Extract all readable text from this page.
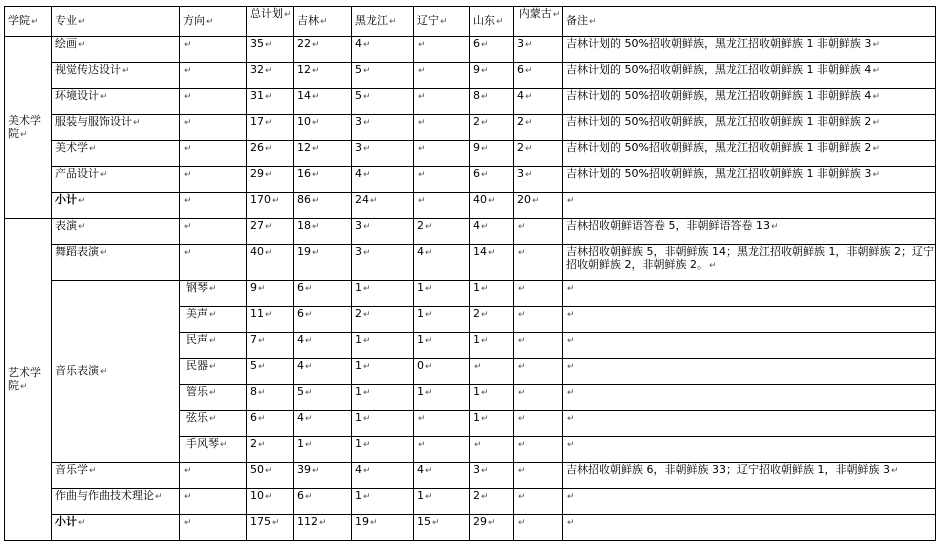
学院↵	专业↵	方向↵	总计划↵	吉林↵	黑龙江↵	辽宁↵	山东↵	内蒙古↵	备注↵
美术学院↵	绘画↵	↵	35↵	22↵	4↵	↵	6↵	3↵	吉林计划的 50%招收朝鲜族，黑龙江招收朝鲜族 1 非朝鲜族 3↵
	视觉传达设计↵	↵	32↵	12↵	5↵	↵	9↵	6↵	吉林计划的 50%招收朝鲜族，黑龙江招收朝鲜族 1 非朝鲜族 4↵
	环境设计↵	↵	31↵	14↵	5↵	↵	8↵	4↵	吉林计划的 50%招收朝鲜族，黑龙江招收朝鲜族 1 非朝鲜族 4↵
	服装与服饰设计↵	↵	17↵	10↵	3↵	↵	2↵	2↵	吉林计划的 50%招收朝鲜族，黑龙江招收朝鲜族 1 非朝鲜族 2↵
	美术学↵	↵	26↵	12↵	3↵	↵	9↵	2↵	吉林计划的 50%招收朝鲜族，黑龙江招收朝鲜族 1 非朝鲜族 2↵
	产品设计↵	↵	29↵	16↵	4↵	↵	6↵	3↵	吉林计划的 50%招收朝鲜族，黑龙江招收朝鲜族 1 非朝鲜族 3↵
	小计↵	↵	170↵	86↵	24↵	↵	40↵	20↵	↵
艺术学院↵	表演↵	↵	27↵	18↵	3↵	2↵	4↵	↵	吉林招收朝鲜语答卷 5，非朝鲜语答卷 13↵
	舞蹈表演↵	↵	40↵	19↵	3↵	4↵	14↵	↵	吉林招收朝鲜族 5，非朝鲜族 14；黑龙江招收朝鲜族 1，非朝鲜族 2；辽宁招收朝鲜族 2，非朝鲜族 2。↵
	音乐表演↵	钢琴↵	9↵	6↵	1↵	1↵	1↵	↵	↵
		美声↵	11↵	6↵	2↵	1↵	2↵	↵	↵
		民声↵	7↵	4↵	1↵	1↵	1↵	↵	↵
		民器↵	5↵	4↵	1↵	0↵	↵	↵	↵
		管乐↵	8↵	5↵	1↵	1↵	1↵	↵	↵
		弦乐↵	6↵	4↵	1↵	↵	1↵	↵	↵
		手风琴↵	2↵	1↵	1↵	↵	↵	↵	↵
	音乐学↵	↵	50↵	39↵	4↵	4↵	3↵	↵	吉林招收朝鲜族 6，非朝鲜族 33；辽宁招收朝鲜族 1，非朝鲜族 3↵
	作曲与作曲技术理论↵	↵	10↵	6↵	1↵	1↵	2↵	↵	↵
	小计↵	↵	175↵	112↵	19↵	15↵	29↵	↵	↵
